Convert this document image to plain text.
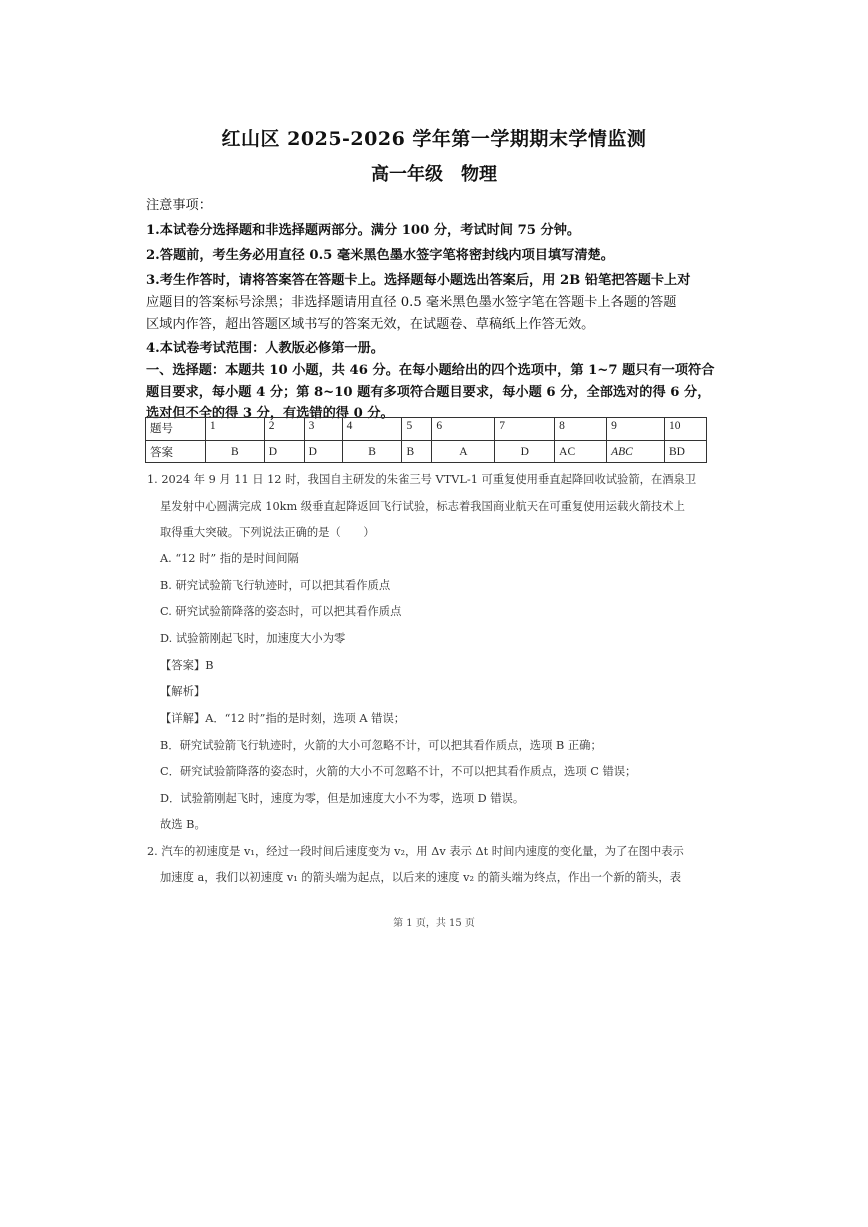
红山区 2025-2026 学年第一学期期末学情监测
高一年级　物理
注意事项：
1.本试卷分选择题和非选择题两部分。满分 100 分，考试时间 75 分钟。
2.答题前，考生务必用直径 0.5 毫米黑色墨水签字笔将密封线内项目填写清楚。
3.考生作答时，请将答案答在答题卡上。选择题每小题选出答案后，用 2B 铅笔把答题卡上对
应题目的答案标号涂黑；非选择题请用直径 0.5 毫米黑色墨水签字笔在答题卡上各题的答题
区域内作答，超出答题区域书写的答案无效，在试题卷、草稿纸上作答无效。
4.本试卷考试范围：人教版必修第一册。
一、选择题：本题共 10 小题，共 46 分。在每小题给出的四个选项中，第 1~7 题只有一项符合
题目要求，每小题 4 分；第 8~10 题有多项符合题目要求，每小题 6 分，全部选对的得 6 分，
选对但不全的得 3 分，有选错的得 0 分。
题号	1	2	3	4	5	6	7	8	9	10
答案	B	D	D	B	B	A	D	AC	ABC	BD
1. 2024 年 9 月 11 日 12 时，我国自主研发的朱雀三号 VTVL-1 可重复使用垂直起降回收试验箭，在酒泉卫
星发射中心圆满完成 10km 级垂直起降返回飞行试验，标志着我国商业航天在可重复使用运载火箭技术上
取得重大突破。下列说法正确的是（　　）
A. “12 时” 指的是时间间隔
B. 研究试验箭飞行轨迹时，可以把其看作质点
C. 研究试验箭降落的姿态时，可以把其看作质点
D. 试验箭刚起飞时，加速度大小为零
【答案】B
【解析】
【详解】A．“12 时”指的是时刻，选项 A 错误；
B．研究试验箭飞行轨迹时，火箭的大小可忽略不计，可以把其看作质点，选项 B 正确；
C．研究试验箭降落的姿态时，火箭的大小不可忽略不计，不可以把其看作质点，选项 C 错误；
D．试验箭刚起飞时，速度为零，但是加速度大小不为零，选项 D 错误。
故选 B。
2. 汽车的初速度是 v₁，经过一段时间后速度变为 v₂，用 Δv 表示 Δt 时间内速度的变化量，为了在图中表示
加速度 a，我们以初速度 v₁ 的箭头端为起点，以后来的速度 v₂ 的箭头端为终点，作出一个新的箭头，表
第 1 页，共 15 页
